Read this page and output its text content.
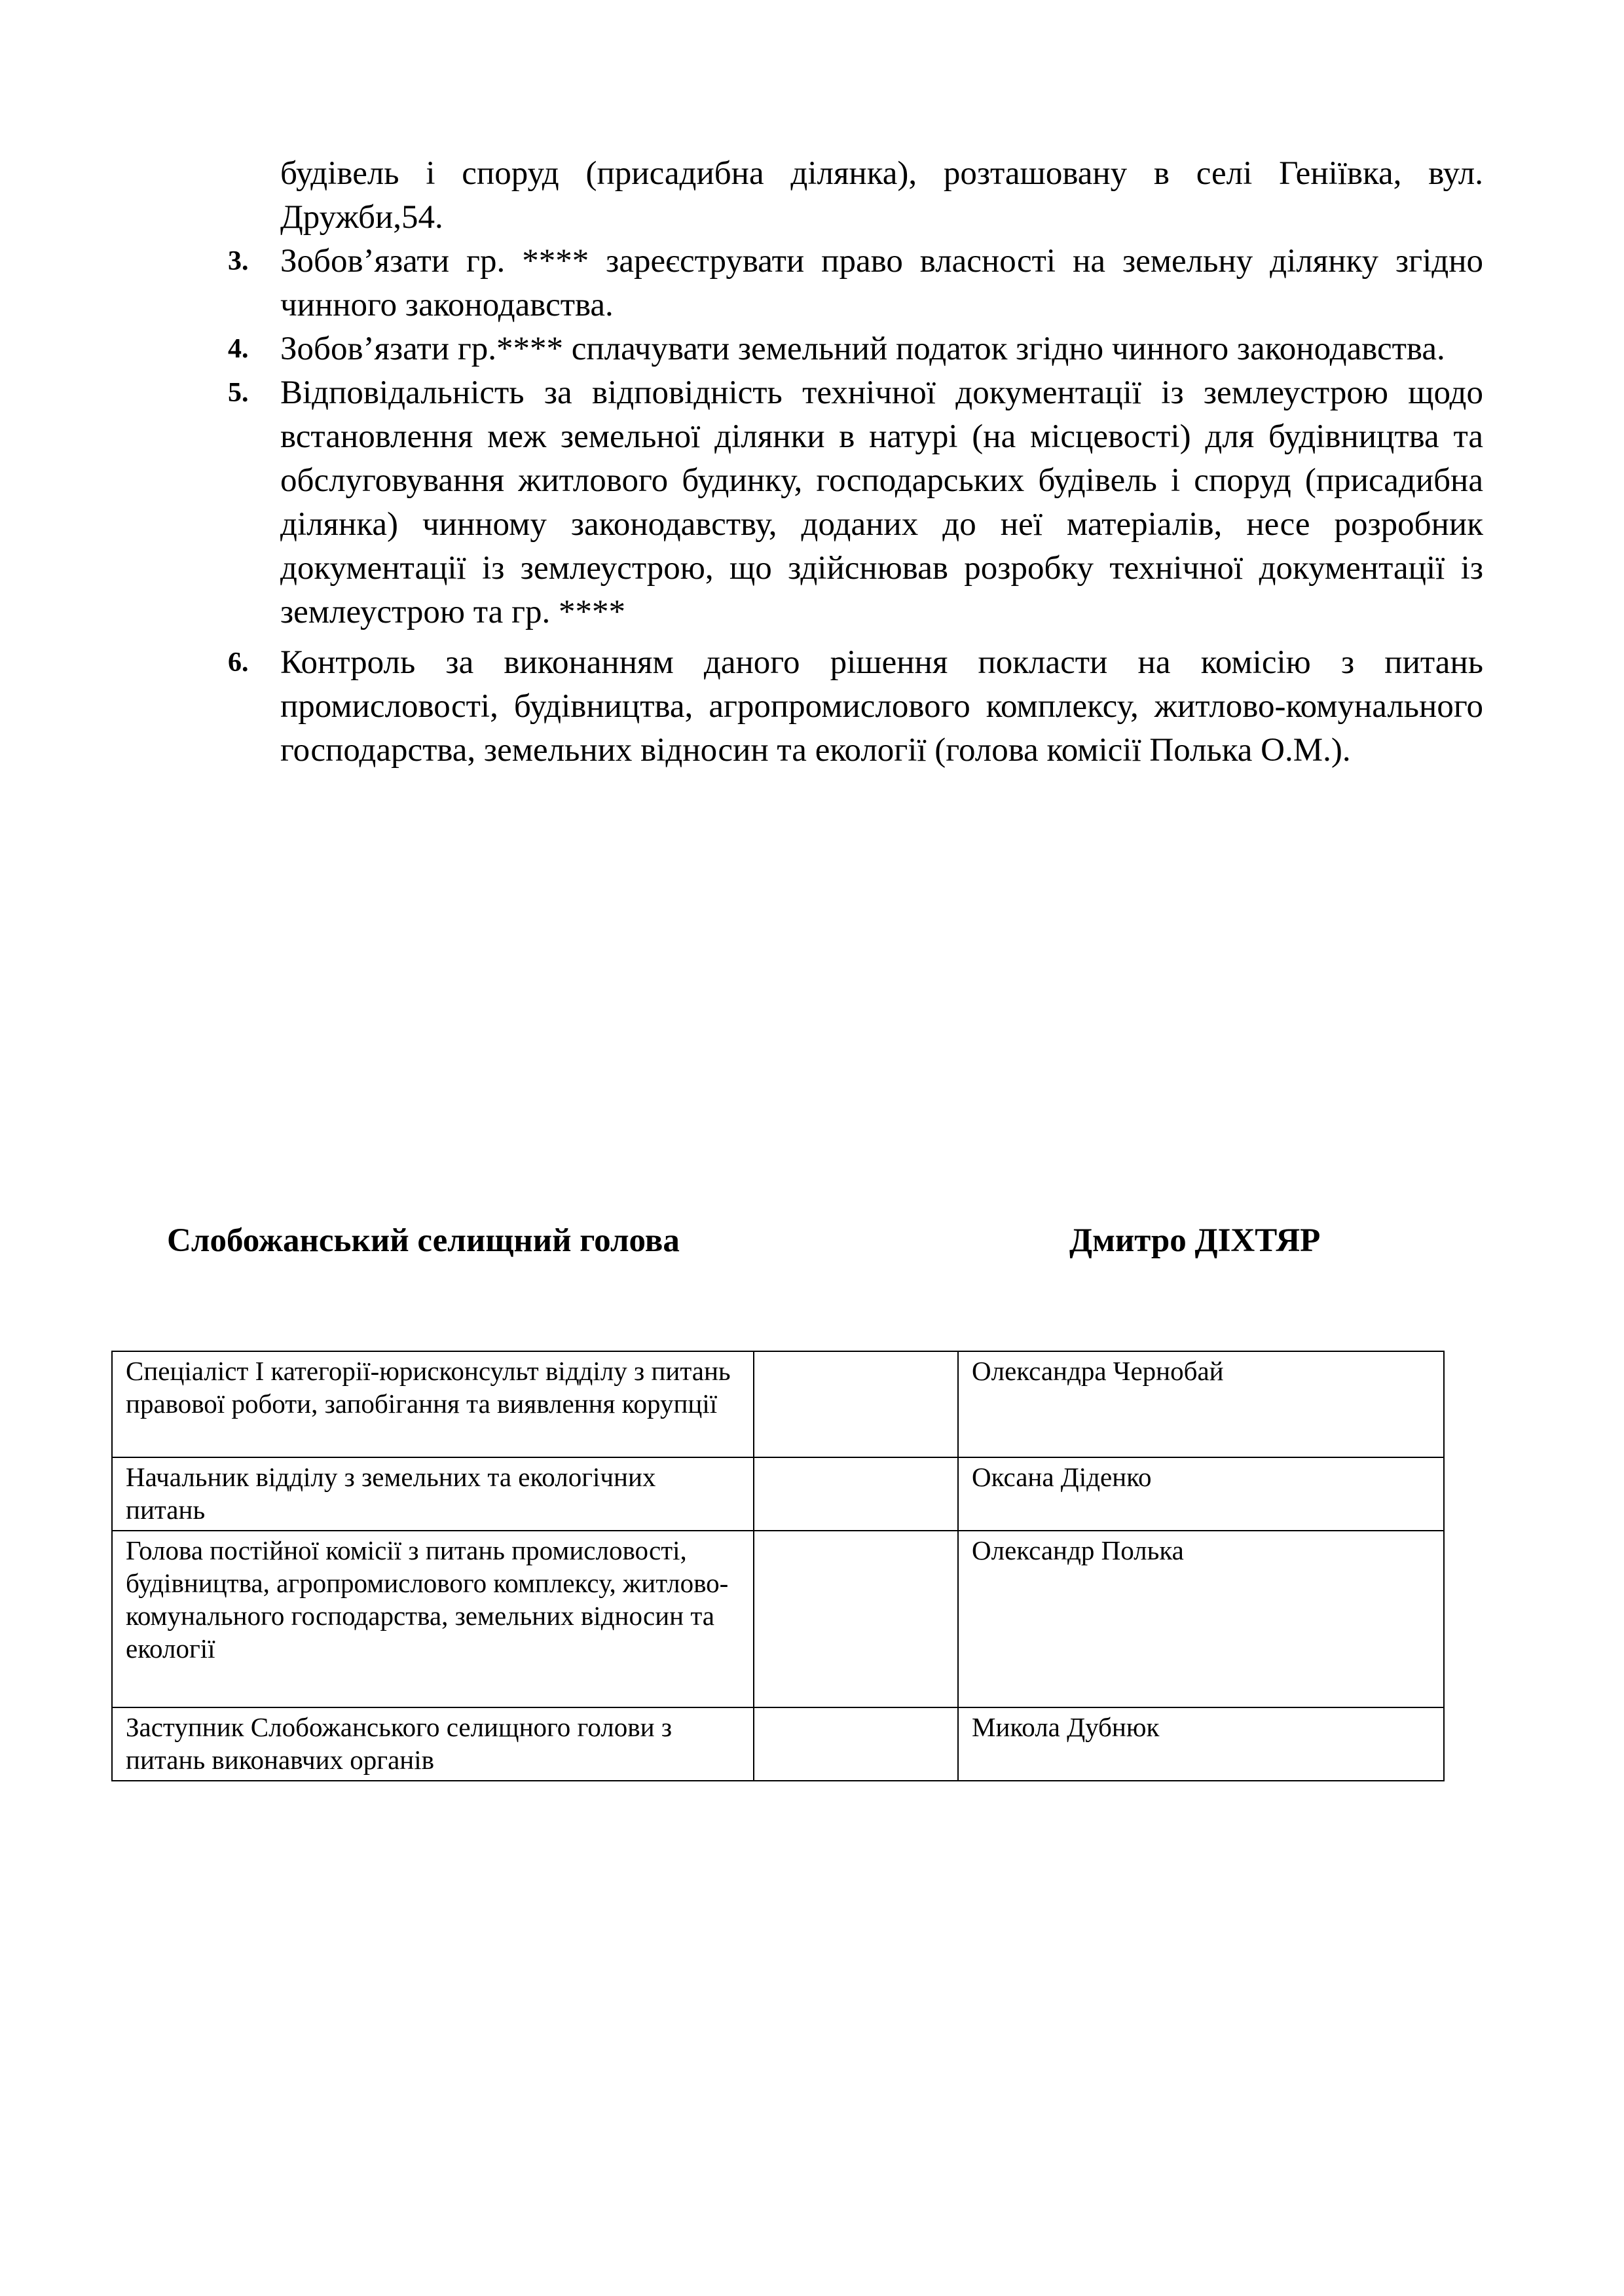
будівель і споруд (присадибна ділянка), розташовану в селі Геніївка, вул. Дружби,54.
3. Зобов’язати гр. **** зареєструвати право власності на земельну ділянку згідно чинного законодавства.
4. Зобов’язати гр.**** сплачувати земельний податок згідно чинного законодавства.
5. Відповідальність за відповідність технічної документації із землеустрою щодо встановлення меж земельної ділянки в натурі (на місцевості) для будівництва та обслуговування житлового будинку, господарських будівель і споруд (присадибна ділянка) чинному законодавству, доданих до неї матеріалів, несе розробник документації із землеустрою, що здійснював розробку технічної документації із землеустрою та гр. ****
6. Контроль за виконанням даного рішення покласти на комісію з питань промисловості, будівництва, агропромислового комплексу, житлово-комунального господарства, земельних відносин та екології (голова комісії Полька О.М.).
Слобожанський селищний голова	Дмитро ДІХТЯР
Спеціаліст І категорії-юрисконсульт відділу з питань правової роботи, запобігання та виявлення корупції		Олександра Чернобай
Начальник відділу з земельних та екологічних питань		Оксана Діденко
Голова постійної комісії з питань промисловості, будівництва, агропромислового комплексу, житлово-комунального господарства, земельних відносин та екології		Олександр Полька
Заступник Слобожанського селищного голови з питань виконавчих органів		Микола Дубнюк
